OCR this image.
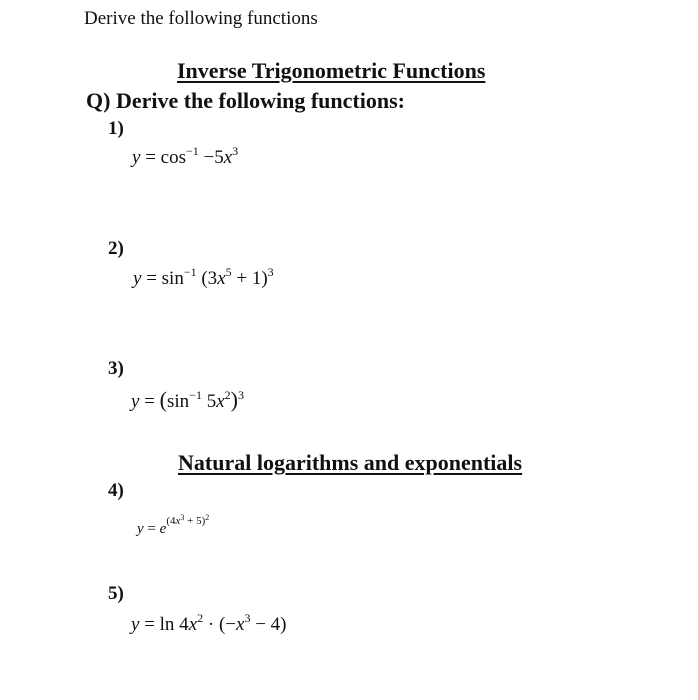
Derive the following functions
Inverse Trigonometric Functions
Q) Derive the following functions:
1)
$y = \cos^{-1} -5x^3$
2)
$y = \sin^{-1} (3x^5 + 1)^3$
3)
$y = (\sin^{-1}$ $5x^2)^3$
Natural logarithms and exponentials
4)
$y = e^{(4x^3 + 5)^2}$
5)
$y = \ln 4x^2 \cdot (-x^3 - 4)$
